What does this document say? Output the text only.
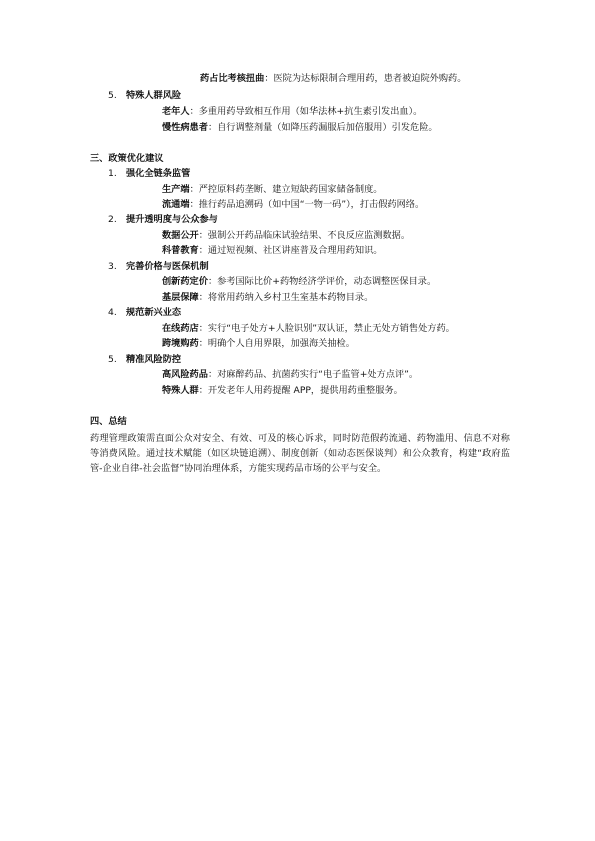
药占比考核扭曲：医院为达标限制合理用药，患者被迫院外购药。
5. 特殊人群风险
老年人：多重用药导致相互作用（如华法林+抗生素引发出血）。
慢性病患者：自行调整剂量（如降压药漏服后加倍服用）引发危险。
三、政策优化建议
1. 强化全链条监管
生产端：严控原料药垄断、建立短缺药国家储备制度。
流通端：推行药品追溯码（如中国“一物一码”），打击假药网络。
2. 提升透明度与公众参与
数据公开：强制公开药品临床试验结果、不良反应监测数据。
科普教育：通过短视频、社区讲座普及合理用药知识。
3. 完善价格与医保机制
创新药定价：参考国际比价+药物经济学评价，动态调整医保目录。
基层保障：将常用药纳入乡村卫生室基本药物目录。
4. 规范新兴业态
在线药店：实行“电子处方+人脸识别”双认证，禁止无处方销售处方药。
跨境购药：明确个人自用界限，加强海关抽检。
5. 精准风险防控
高风险药品：对麻醉药品、抗菌药实行“电子监管+处方点评”。
特殊人群：开发老年人用药提醒 APP，提供用药重整服务。
四、总结
药理管理政策需直面公众对安全、有效、可及的核心诉求，同时防范假药流通、药物滥用、信息不对称等消费风险。通过技术赋能（如区块链追溯）、制度创新（如动态医保谈判）和公众教育，构建“政府监管-企业自律-社会监督”协同治理体系，方能实现药品市场的公平与安全。
